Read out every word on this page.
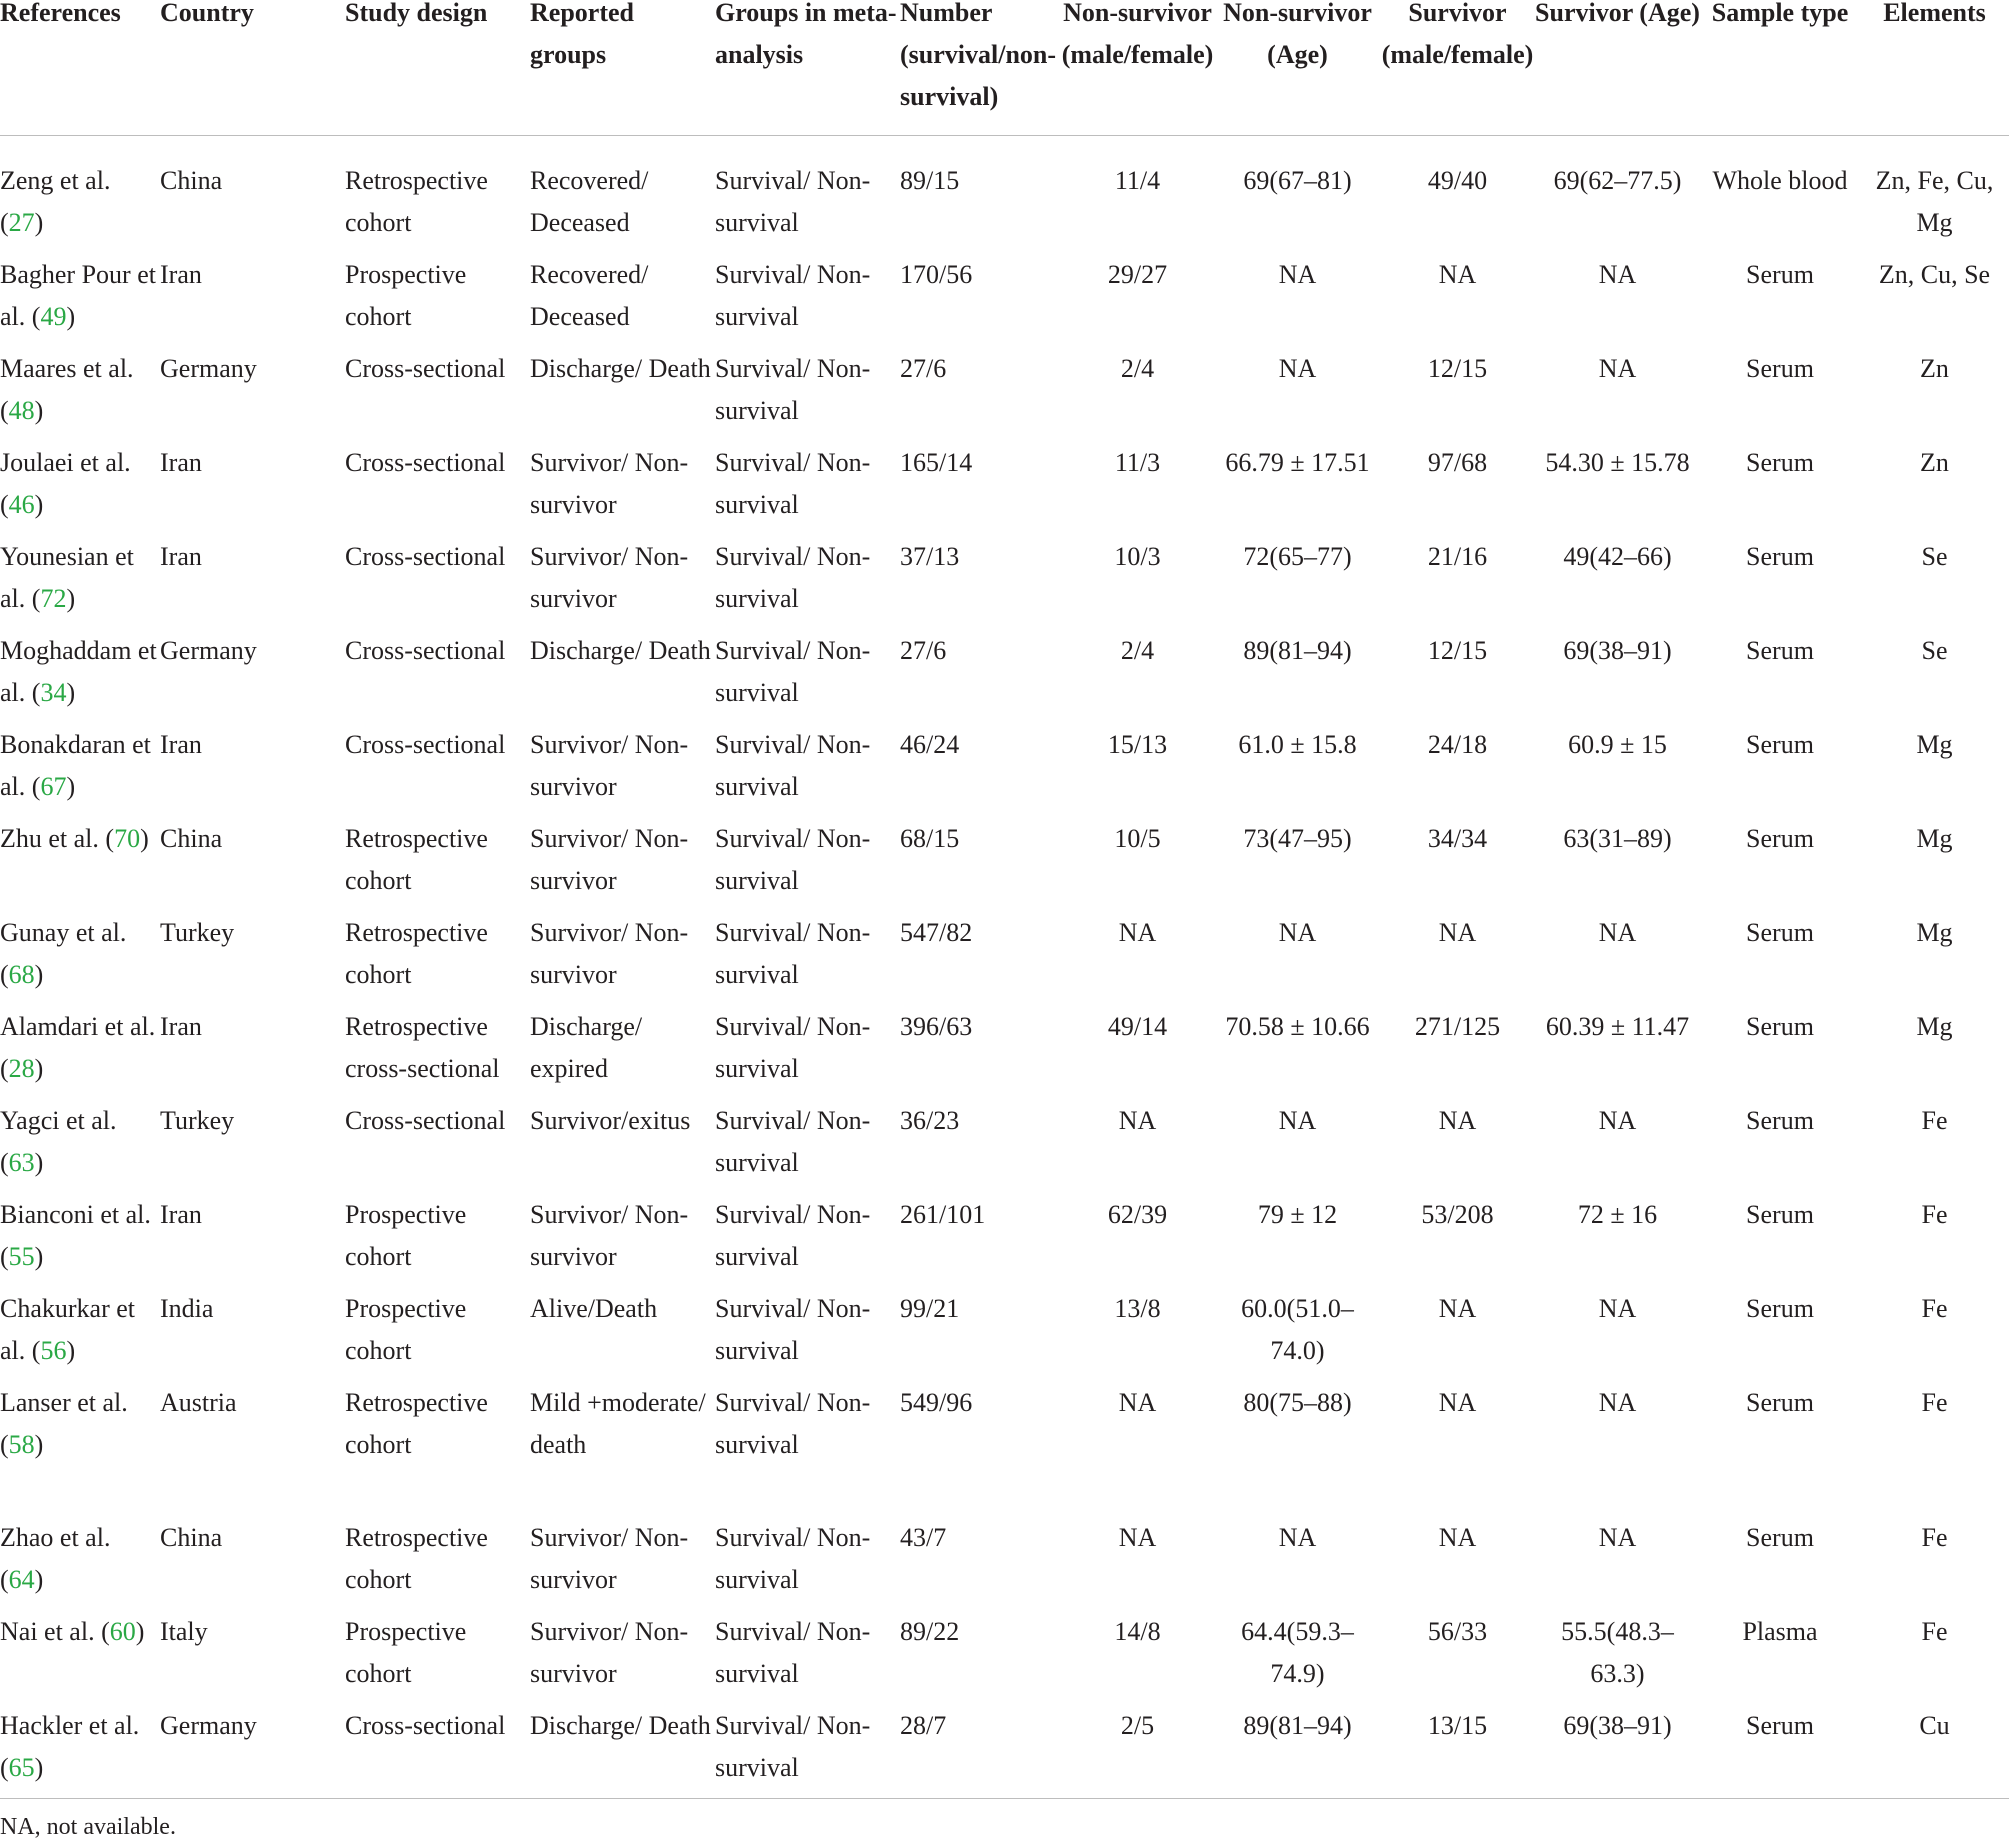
References	Country	Study design	Reported groups	Groups in meta-analysis	Number (survival/non-survival)	Non-survivor (male/female)	Non-survivor (Age)	Survivor (male/female)	Survivor (Age)	Sample type	Elements

Zeng et al. (27)	China	Retrospective cohort	Recovered/ Deceased	Survival/ Non-survival	89/15	11/4	69(67–81)	49/40	69(62–77.5)	Whole blood	Zn, Fe, Cu, Mg
Bagher Pour et al. (49)	Iran	Prospective cohort	Recovered/ Deceased	Survival/ Non-survival	170/56	29/27	NA	NA	NA	Serum	Zn, Cu, Se
Maares et al. (48)	Germany	Cross-sectional	Discharge/ Death	Survival/ Non-survival	27/6	2/4	NA	12/15	NA	Serum	Zn
Joulaei et al. (46)	Iran	Cross-sectional	Survivor/ Non-survivor	Survival/ Non-survival	165/14	11/3	66.79 ± 17.51	97/68	54.30 ± 15.78	Serum	Zn
Younesian et al. (72)	Iran	Cross-sectional	Survivor/ Non-survivor	Survival/ Non-survival	37/13	10/3	72(65–77)	21/16	49(42–66)	Serum	Se
Moghaddam et al. (34)	Germany	Cross-sectional	Discharge/ Death	Survival/ Non-survival	27/6	2/4	89(81–94)	12/15	69(38–91)	Serum	Se
Bonakdaran et al. (67)	Iran	Cross-sectional	Survivor/ Non-survivor	Survival/ Non-survival	46/24	15/13	61.0 ± 15.8	24/18	60.9 ± 15	Serum	Mg
Zhu et al. (70)	China	Retrospective cohort	Survivor/ Non-survivor	Survival/ Non-survival	68/15	10/5	73(47–95)	34/34	63(31–89)	Serum	Mg
Gunay et al. (68)	Turkey	Retrospective cohort	Survivor/ Non-survivor	Survival/ Non-survival	547/82	NA	NA	NA	NA	Serum	Mg
Alamdari et al. (28)	Iran	Retrospective cross-sectional	Discharge/ expired	Survival/ Non-survival	396/63	49/14	70.58 ± 10.66	271/125	60.39 ± 11.47	Serum	Mg
Yagci et al. (63)	Turkey	Cross-sectional	Survivor/exitus	Survival/ Non-survival	36/23	NA	NA	NA	NA	Serum	Fe
Bianconi et al. (55)	Iran	Prospective cohort	Survivor/ Non-survivor	Survival/ Non-survival	261/101	62/39	79 ± 12	53/208	72 ± 16	Serum	Fe
Chakurkar et al. (56)	India	Prospective cohort	Alive/Death	Survival/ Non-survival	99/21	13/8	60.0(51.0– 74.0)	NA	NA	Serum	Fe
Lanser et al. (58)	Austria	Retrospective cohort	Mild +moderate/ death	Survival/ Non-survival	549/96	NA	80(75–88)	NA	NA	Serum	Fe
Zhao et al. (64)	China	Retrospective cohort	Survivor/ Non-survivor	Survival/ Non-survival	43/7	NA	NA	NA	NA	Serum	Fe
Nai et al. (60)	Italy	Prospective cohort	Survivor/ Non-survivor	Survival/ Non-survival	89/22	14/8	64.4(59.3– 74.9)	56/33	55.5(48.3– 63.3)	Plasma	Fe
Hackler et al. (65)	Germany	Cross-sectional	Discharge/ Death	Survival/ Non-survival	28/7	2/5	89(81–94)	13/15	69(38–91)	Serum	Cu
NA, not available.
